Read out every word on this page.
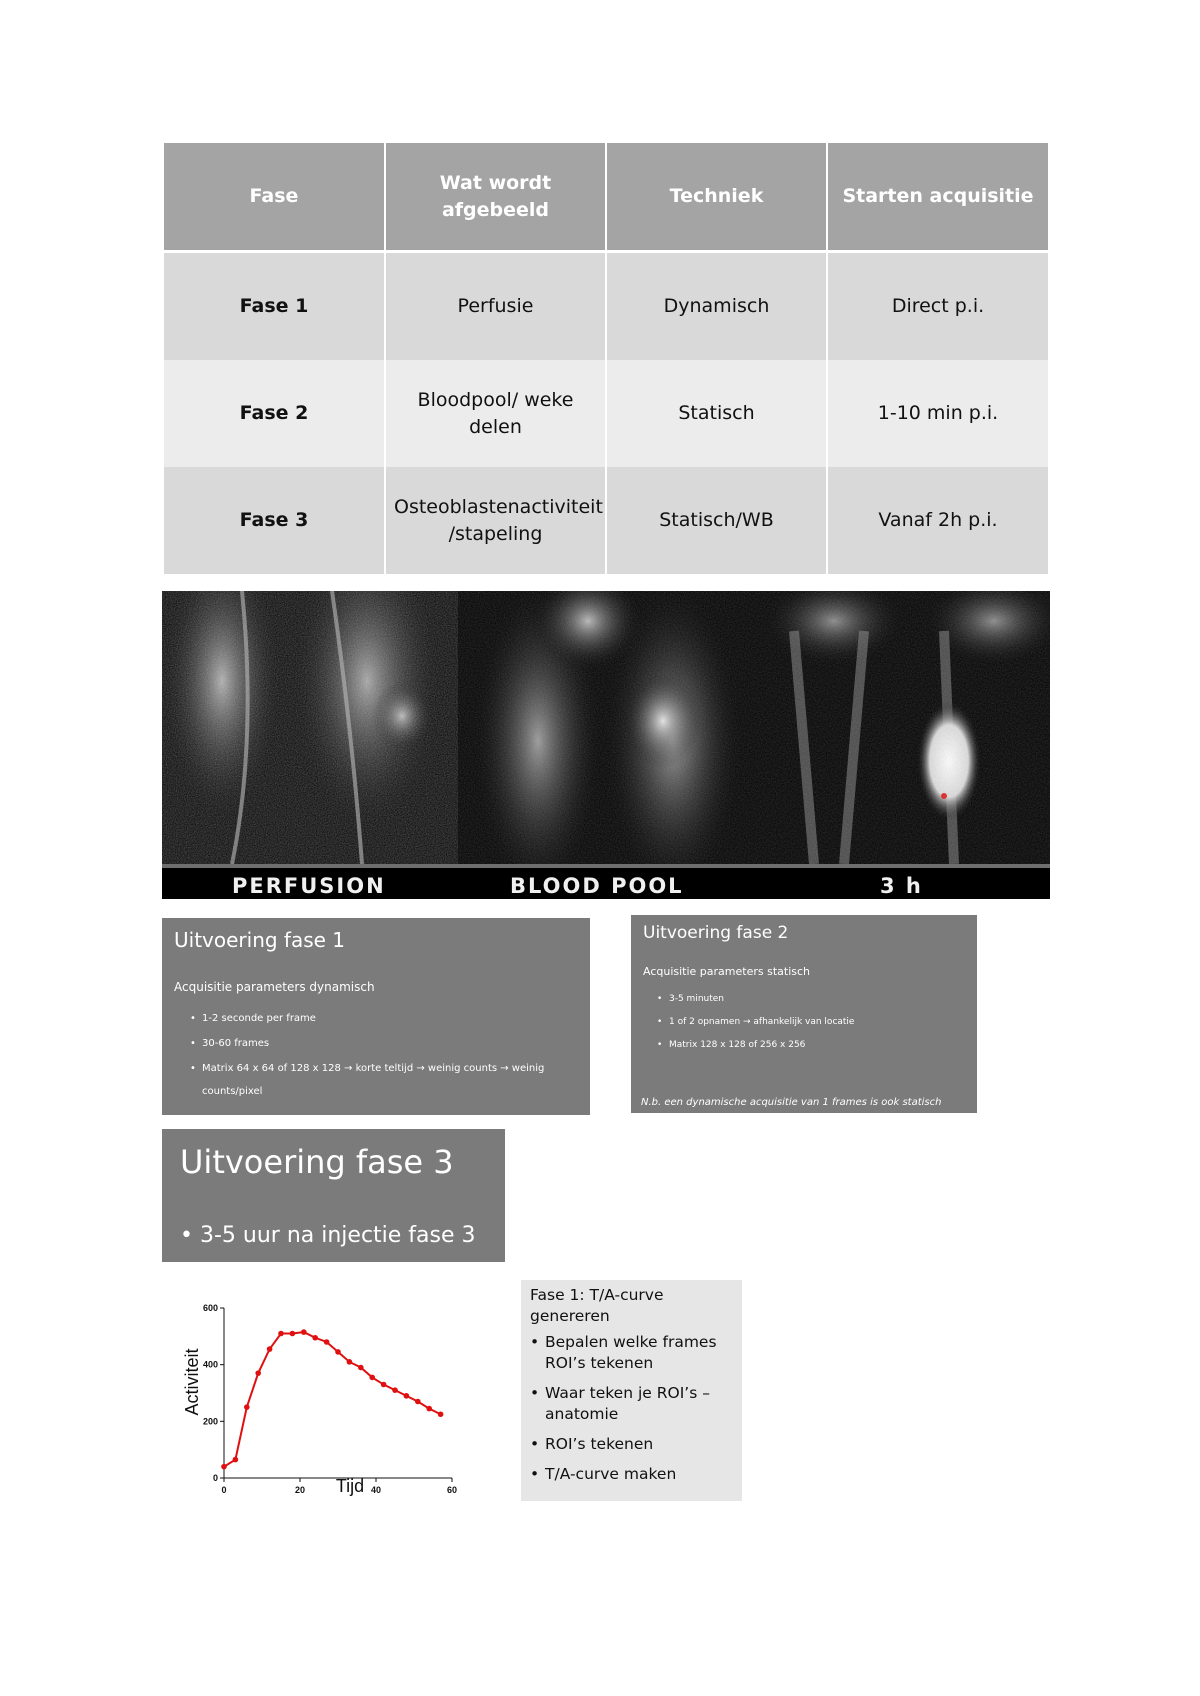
Fase	Wat wordt afgebeeld	Techniek	Starten acquisitie
Fase 1	Perfusie	Dynamisch	Direct p.i.
Fase 2	Bloodpool/ weke delen	Statisch	1-10 min p.i.
Fase 3	Osteoblastenactiviteit /stapeling	Statisch/WB	Vanaf 2h p.i.
PERFUSION	BLOOD POOL	3 h
Uitvoering fase 1
Acquisitie parameters dynamisch
• 1-2 seconde per frame
• 30-60 frames
• Matrix 64 x 64 of 128 x 128 → korte teltijd → weinig counts → weinig
counts/pixel
Uitvoering fase 2
Acquisitie parameters statisch
• 3-5 minuten
• 1 of 2 opnamen → afhankelijk van locatie
• Matrix 128 x 128 of 256 x 256
N.b. een dynamische acquisitie van 1 frames is ook statisch
Uitvoering fase 3
• 3-5 uur na injectie fase 3
0	20	40	60
0
200
400
600
Tijd
Activiteit
Fase 1: T/A-curve genereren
• Bepalen welke frames ROI’s tekenen
• Waar teken je ROI’s – anatomie
• ROI’s tekenen
• T/A-curve maken
